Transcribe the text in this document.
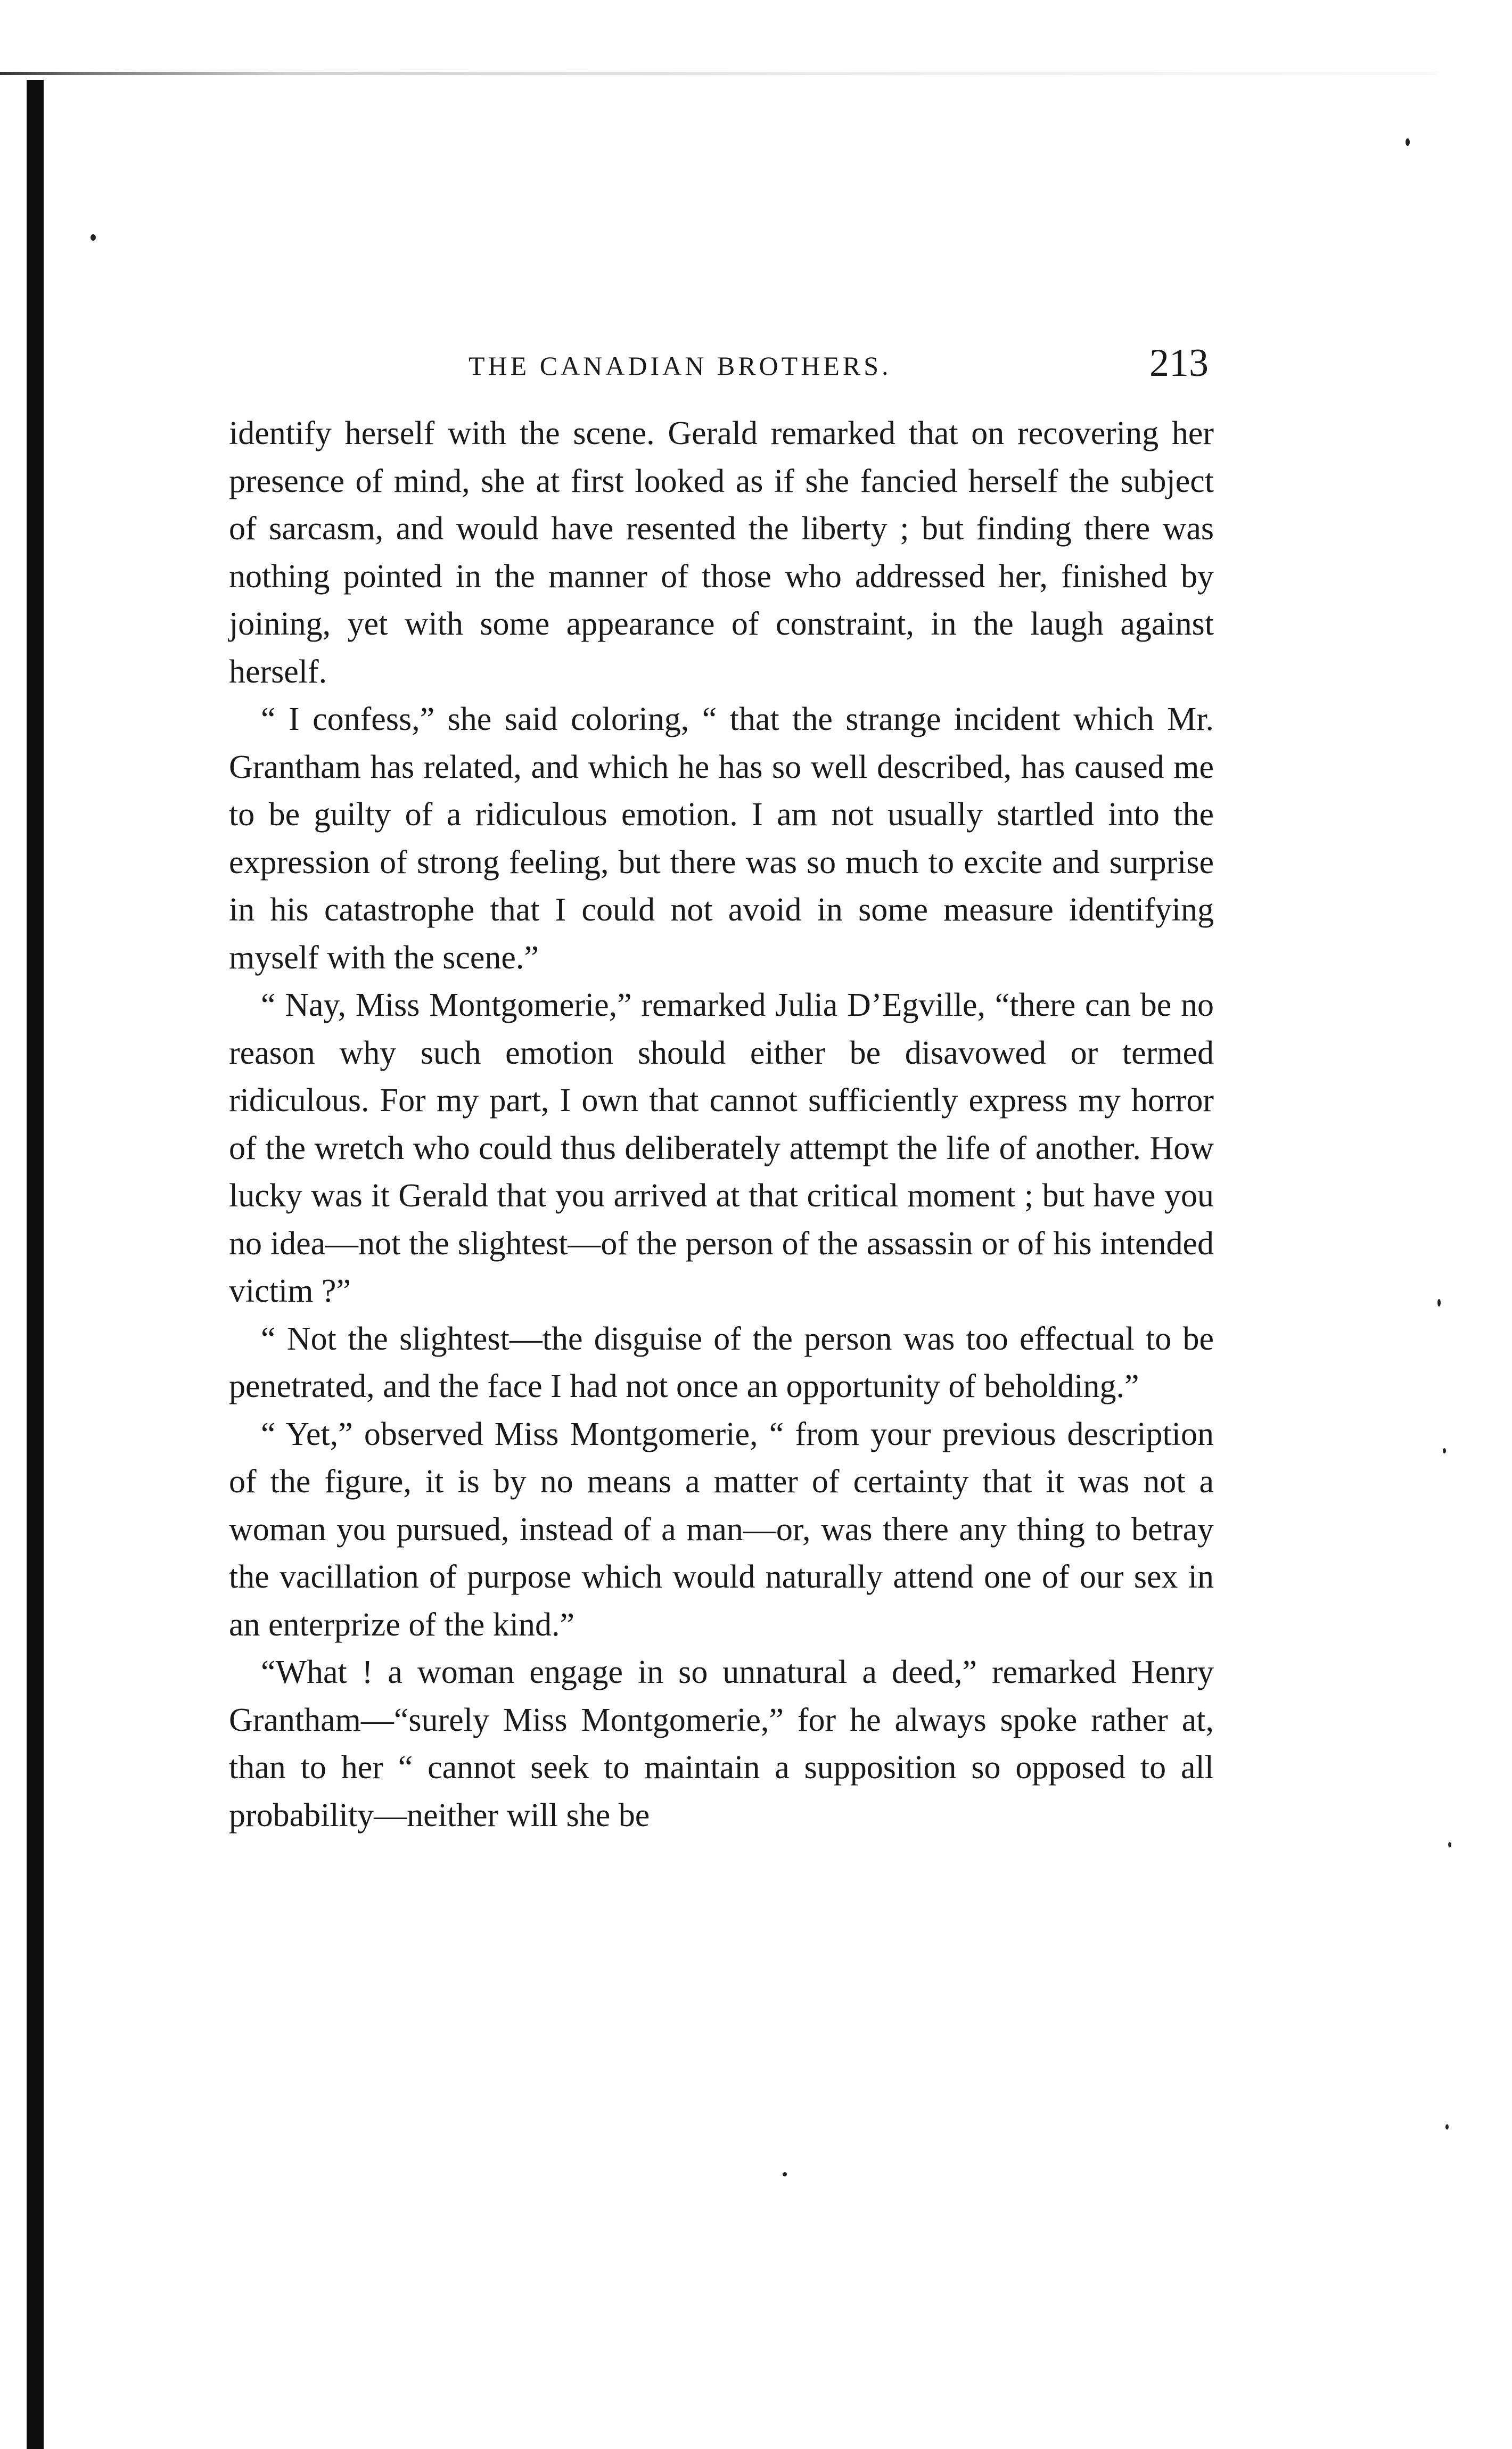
THE CANADIAN BROTHERS.	213

identify herself with the scene. Gerald remarked that on recovering her presence of mind, she at first looked as if she fancied herself the subject of sarcasm, and would have resented the liberty ; but finding there was nothing pointed in the manner of those who addressed her, finished by joining, yet with some appearance of constraint, in the laugh against herself.

“ I confess,” she said coloring, “ that the strange incident which Mr. Grantham has related, and which he has so well described, has caused me to be guilty of a ridiculous emotion. I am not usually startled into the expression of strong feeling, but there was so much to excite and surprise in his catastrophe that I could not avoid in some measure identifying myself with the scene.”

“ Nay, Miss Montgomerie,” remarked Julia D’Egville, “there can be no reason why such emotion should either be disavowed or termed ridiculous. For my part, I own that cannot sufficiently express my horror of the wretch who could thus deliberately attempt the life of another. How lucky was it Gerald that you arrived at that critical moment ; but have you no idea—not the slightest—of the person of the assassin or of his intended victim ?”

“ Not the slightest—the disguise of the person was too effectual to be penetrated, and the face I had not once an opportunity of beholding.”

“ Yet,” observed Miss Montgomerie, “ from your previous description of the figure, it is by no means a matter of certainty that it was not a woman you pursued, instead of a man—or, was there any thing to betray the vacillation of purpose which would naturally attend one of our sex in an enterprize of the kind.”

“What ! a woman engage in so unnatural a deed,” remarked Henry Grantham—“surely Miss Montgomerie,” for he always spoke rather at, than to her “ cannot seek to maintain a supposition so opposed to all probability—neither will she be
